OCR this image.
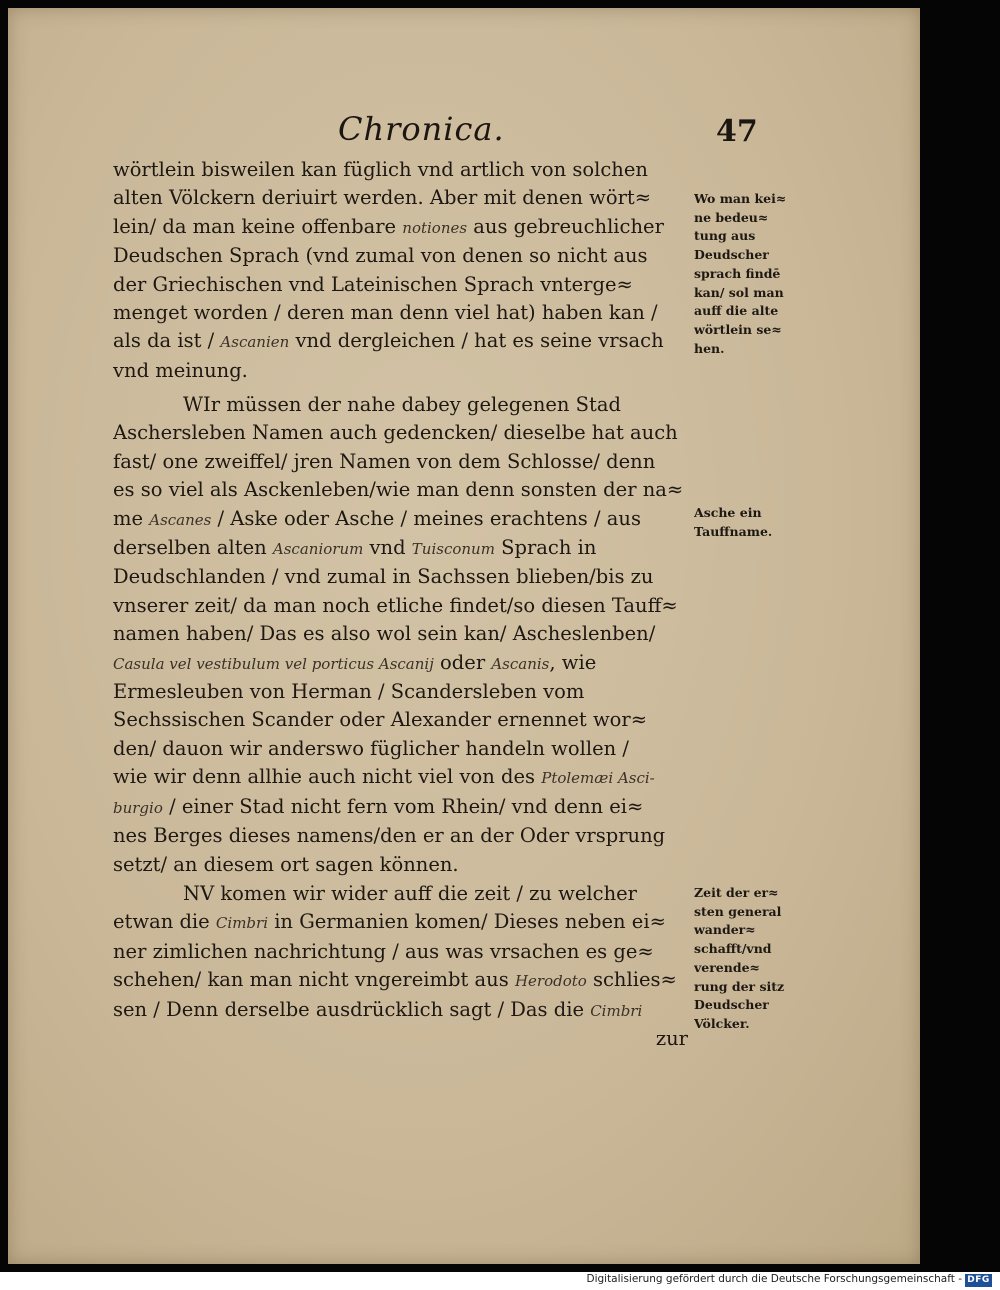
Chronica.	47
wörtlein bisweilen kan füglich vnd artlich von solchen
alten Völckern deriuirt werden. Aber mit denen wört≈
lein/ da man keine offenbare notiones aus gebreuchlicher
Deudschen Sprach (vnd zumal von denen so nicht aus
der Griechischen vnd Lateinischen Sprach vnterge≈
menget worden / deren man denn viel hat) haben kan /
als da ist / Ascanien vnd dergleichen / hat es seine vrsach
vnd meinung.
WIr müssen der nahe dabey gelegenen Stad
Aschersleben Namen auch gedencken/ dieselbe hat auch
fast/ one zweiffel/ jren Namen von dem Schlosse/ denn
es so viel als Asckenleben/wie man denn sonsten der na≈
me Ascanes / Aske oder Asche / meines erachtens / aus
derselben alten Ascaniorum vnd Tuisconum Sprach in
Deudschlanden / vnd zumal in Sachssen blieben/bis zu
vnserer zeit/ da man noch etliche findet/so diesen Tauff≈
namen haben/ Das es also wol sein kan/ Ascheslenben/
Casula vel vestibulum vel porticus Ascanij oder Ascanis, wie
Ermesleuben von Herman / Scandersleben vom
Sechssischen Scander oder Alexander ernennet wor≈
den/ dauon wir anderswo füglicher handeln wollen /
wie wir denn allhie auch nicht viel von des Ptolemæi Asci-
burgio / einer Stad nicht fern vom Rhein/ vnd denn ei≈
nes Berges dieses namens/den er an der Oder vrsprung
setzt/ an diesem ort sagen können.
NV komen wir wider auff die zeit / zu welcher
etwan die Cimbri in Germanien komen/ Dieses neben ei≈
ner zimlichen nachrichtung / aus was vrsachen es ge≈
schehen/ kan man nicht vngereimbt aus Herodoto schlies≈
sen / Denn derselbe ausdrücklich sagt / Das die Cimbri
zur
Wo man kei≈
ne bedeu≈
tung aus
Deudscher
sprach findē
kan/ sol man
auff die alte
wörtlein se≈
hen.
Asche ein
Tauffname.
Zeit der er≈
sten general
wander≈
schafft/vnd
verende≈
rung der sitz
Deudscher
Völcker.
Digitalisierung gefördert durch die Deutsche Forschungsgemeinschaft - DFG
